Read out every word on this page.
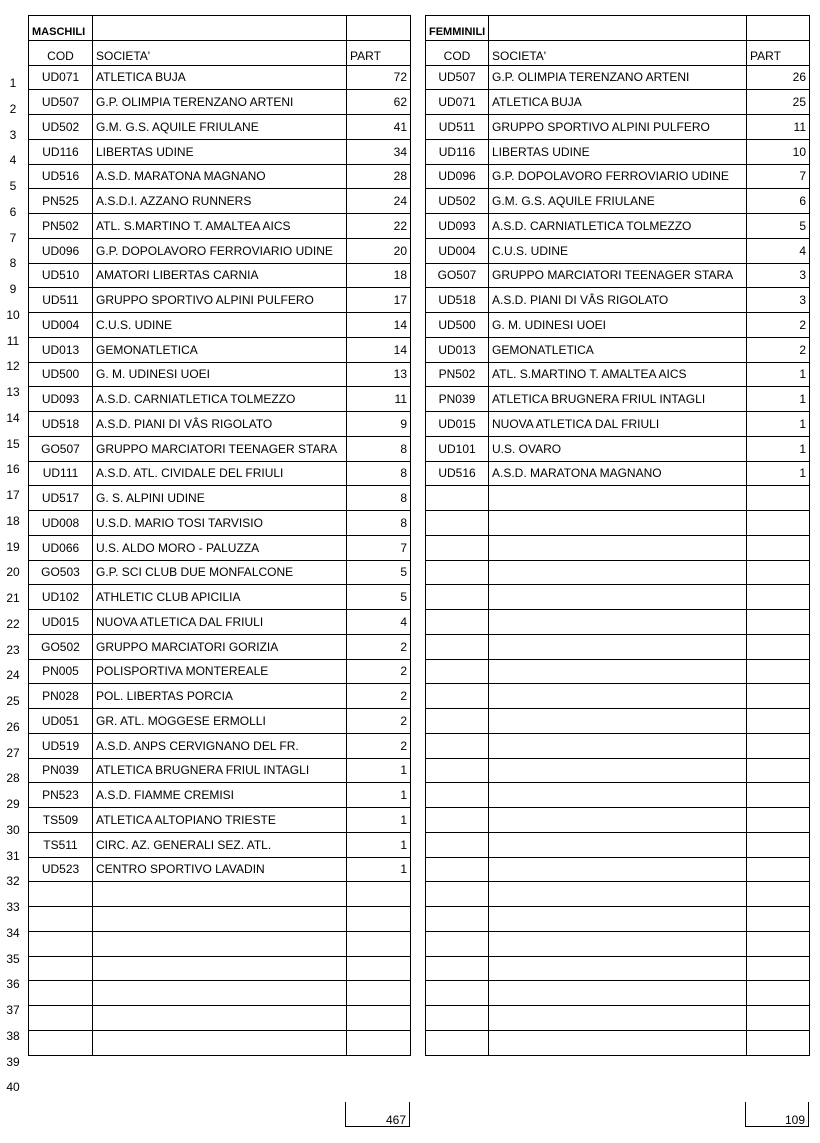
1
2
3
4
5
6
7
8
9
10
11
12
13
14
15
16
17
18
19
20
21
22
23
24
25
26
27
28
29
30
31
32
33
34
35
36
37
38
39
40
MASCHILI		
COD	SOCIETA'	PART
UD071	ATLETICA BUJA	72
UD507	G.P. OLIMPIA TERENZANO ARTENI	62
UD502	G.M. G.S. AQUILE FRIULANE	41
UD116	LIBERTAS UDINE	34
UD516	A.S.D. MARATONA MAGNANO	28
PN525	A.S.D.I. AZZANO RUNNERS	24
PN502	ATL. S.MARTINO T. AMALTEA AICS	22
UD096	G.P. DOPOLAVORO FERROVIARIO UDINE	20
UD510	AMATORI LIBERTAS CARNIA	18
UD511	GRUPPO SPORTIVO ALPINI PULFERO	17
UD004	C.U.S. UDINE	14
UD013	GEMONATLETICA	14
UD500	G. M. UDINESI UOEI	13
UD093	A.S.D. CARNIATLETICA TOLMEZZO	11
UD518	A.S.D. PIANI DI VÂS RIGOLATO	9
GO507	GRUPPO MARCIATORI TEENAGER STARA	8
UD111	A.S.D. ATL. CIVIDALE DEL FRIULI	8
UD517	G. S. ALPINI UDINE	8
UD008	U.S.D. MARIO TOSI TARVISIO	8
UD066	U.S. ALDO MORO - PALUZZA	7
GO503	G.P. SCI CLUB DUE MONFALCONE	5
UD102	ATHLETIC CLUB APICILIA	5
UD015	NUOVA ATLETICA DAL FRIULI	4
GO502	GRUPPO MARCIATORI GORIZIA	2
PN005	POLISPORTIVA MONTEREALE	2
PN028	POL. LIBERTAS PORCIA	2
UD051	GR. ATL. MOGGESE ERMOLLI	2
UD519	A.S.D. ANPS CERVIGNANO DEL FR.	2
PN039	ATLETICA BRUGNERA FRIUL INTAGLI	1
PN523	A.S.D. FIAMME CREMISI	1
TS509	ATLETICA ALTOPIANO TRIESTE	1
TS511	CIRC. AZ. GENERALI SEZ. ATL.	1
UD523	CENTRO SPORTIVO LAVADIN	1

FEMMINILI		
COD	SOCIETA'	PART
UD507	G.P. OLIMPIA TERENZANO ARTENI	26
UD071	ATLETICA BUJA	25
UD511	GRUPPO SPORTIVO ALPINI PULFERO	11
UD116	LIBERTAS UDINE	10
UD096	G.P. DOPOLAVORO FERROVIARIO UDINE	7
UD502	G.M. G.S. AQUILE FRIULANE	6
UD093	A.S.D. CARNIATLETICA TOLMEZZO	5
UD004	C.U.S. UDINE	4
GO507	GRUPPO MARCIATORI TEENAGER STARA	3
UD518	A.S.D. PIANI DI VÂS RIGOLATO	3
UD500	G. M. UDINESI UOEI	2
UD013	GEMONATLETICA	2
PN502	ATL. S.MARTINO T. AMALTEA AICS	1
PN039	ATLETICA BRUGNERA FRIUL INTAGLI	1
UD015	NUOVA ATLETICA DAL FRIULI	1
UD101	U.S. OVARO	1
UD516	A.S.D. MARATONA MAGNANO	1

467	109
